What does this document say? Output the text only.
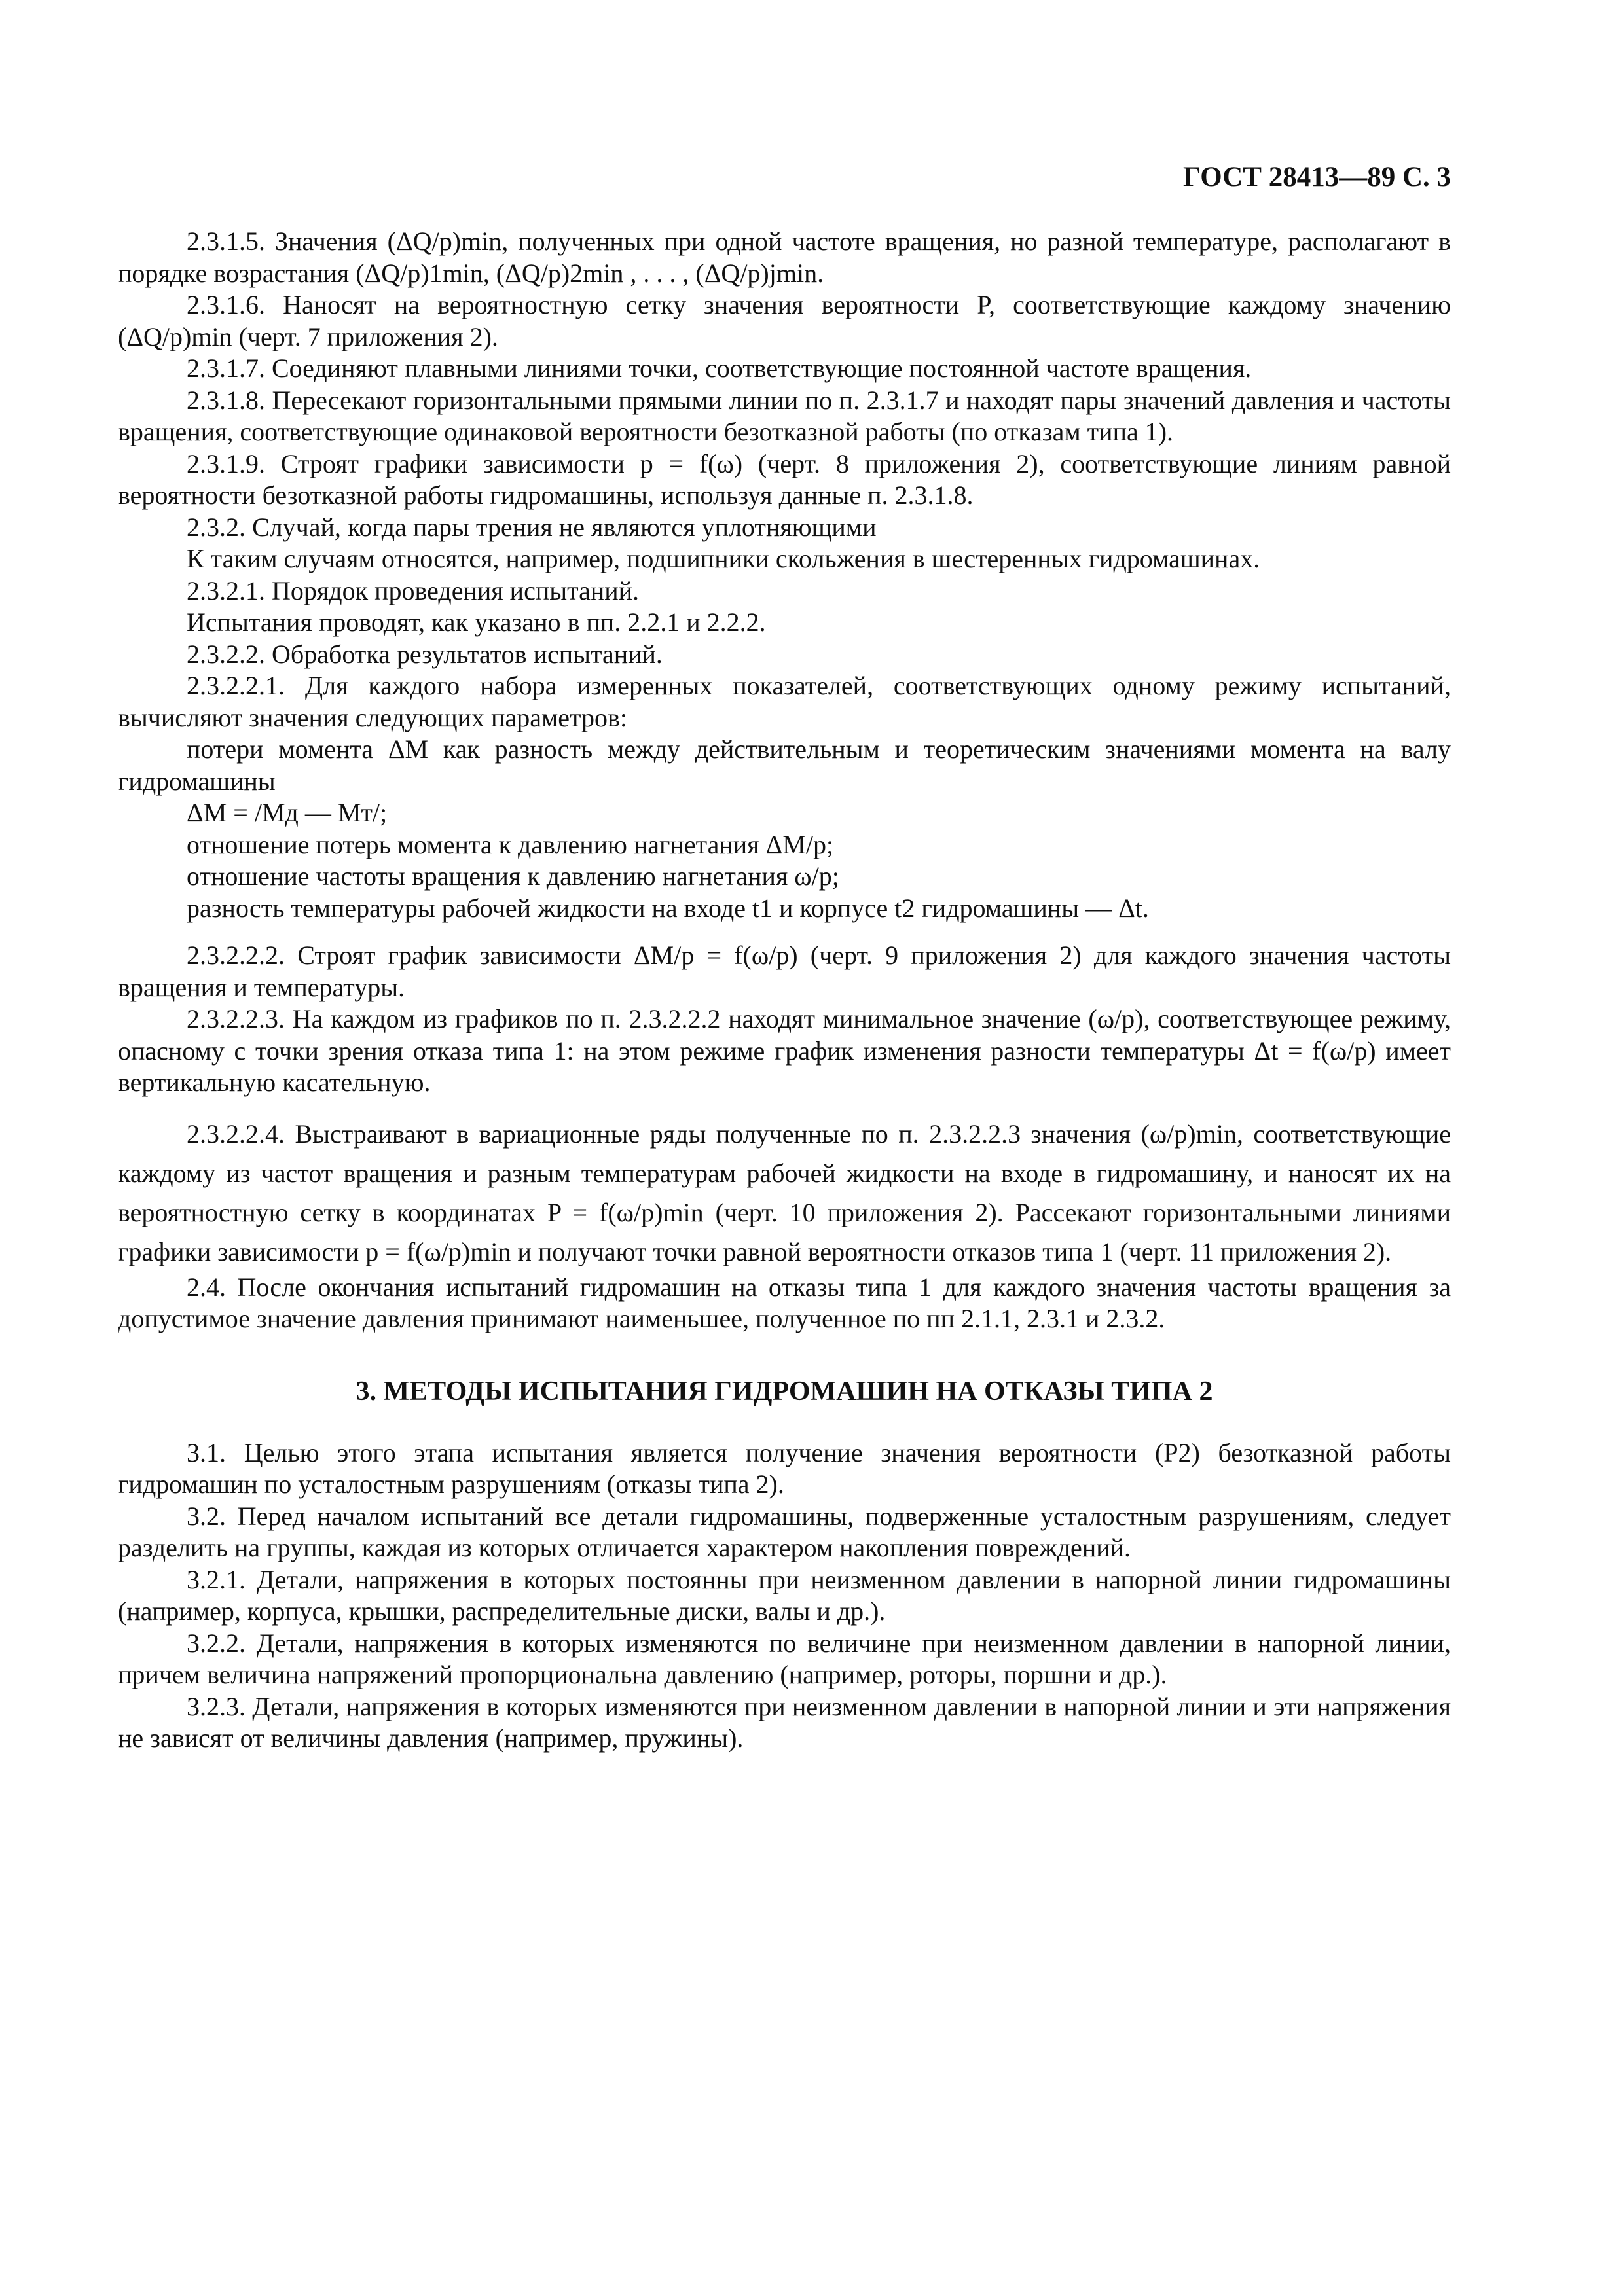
ГОСТ 28413—89 С. 3

2.3.1.5. Значения (ΔQ/p)min, полученных при одной частоте вращения, но разной температуре, располагают в порядке возрастания (ΔQ/p)1min, (ΔQ/p)2min , . . . , (ΔQ/p)jmin.

2.3.1.6. Наносят на вероятностную сетку значения вероятности P, соответствующие каждому значению (ΔQ/p)min (черт. 7 приложения 2).

2.3.1.7. Соединяют плавными линиями точки, соответствующие постоянной частоте вращения.

2.3.1.8. Пересекают горизонтальными прямыми линии по п. 2.3.1.7 и находят пары значений давления и частоты вращения, соответствующие одинаковой вероятности безотказной работы (по отказам типа 1).

2.3.1.9. Строят графики зависимости p = f(ω) (черт. 8 приложения 2), соответствующие линиям равной вероятности безотказной работы гидромашины, используя данные п. 2.3.1.8.

2.3.2. Случай, когда пары трения не являются уплотняющими

К таким случаям относятся, например, подшипники скольжения в шестеренных гидромашинах.

2.3.2.1. Порядок проведения испытаний.

Испытания проводят, как указано в пп. 2.2.1 и 2.2.2.

2.3.2.2. Обработка результатов испытаний.

2.3.2.2.1. Для каждого набора измеренных показателей, соответствующих одному режиму испытаний, вычисляют значения следующих параметров:

потери момента ΔM как разность между действительным и теоретическим значениями момента на валу гидромашины

ΔM = /Mд — Mт/;

отношение потерь момента к давлению нагнетания ΔM/p;

отношение частоты вращения к давлению нагнетания ω/p;

разность температуры рабочей жидкости на входе t1 и корпусе t2 гидромашины — Δt.

2.3.2.2.2. Строят график зависимости ΔM/p = f(ω/p) (черт. 9 приложения 2) для каждого значения частоты вращения и температуры.

2.3.2.2.3. На каждом из графиков по п. 2.3.2.2.2 находят минимальное значение (ω/p), соответствующее режиму, опасному с точки зрения отказа типа 1: на этом режиме график изменения разности температуры Δt = f(ω/p) имеет вертикальную касательную.

2.3.2.2.4. Выстраивают в вариационные ряды полученные по п. 2.3.2.2.3 значения (ω/p)min, соответствующие каждому из частот вращения и разным температурам рабочей жидкости на входе в гидромашину, и наносят их на вероятностную сетку в координатах P = f(ω/p)min (черт. 10 приложения 2). Рассекают горизонтальными линиями графики зависимости p = f(ω/p)min и получают точки равной вероятности отказов типа 1 (черт. 11 приложения 2).

2.4. После окончания испытаний гидромашин на отказы типа 1 для каждого значения частоты вращения за допустимое значение давления принимают наименьшее, полученное по пп 2.1.1, 2.3.1 и 2.3.2.

3. МЕТОДЫ ИСПЫТАНИЯ ГИДРОМАШИН НА ОТКАЗЫ ТИПА 2

3.1. Целью этого этапа испытания является получение значения вероятности (P2) безотказной работы гидромашин по усталостным разрушениям (отказы типа 2).

3.2. Перед началом испытаний все детали гидромашины, подверженные усталостным разрушениям, следует разделить на группы, каждая из которых отличается характером накопления повреждений.

3.2.1. Детали, напряжения в которых постоянны при неизменном давлении в напорной линии гидромашины (например, корпуса, крышки, распределительные диски, валы и др.).

3.2.2. Детали, напряжения в которых изменяются по величине при неизменном давлении в напорной линии, причем величина напряжений пропорциональна давлению (например, роторы, поршни и др.).

3.2.3. Детали, напряжения в которых изменяются при неизменном давлении в напорной линии и эти напряжения не зависят от величины давления (например, пружины).
